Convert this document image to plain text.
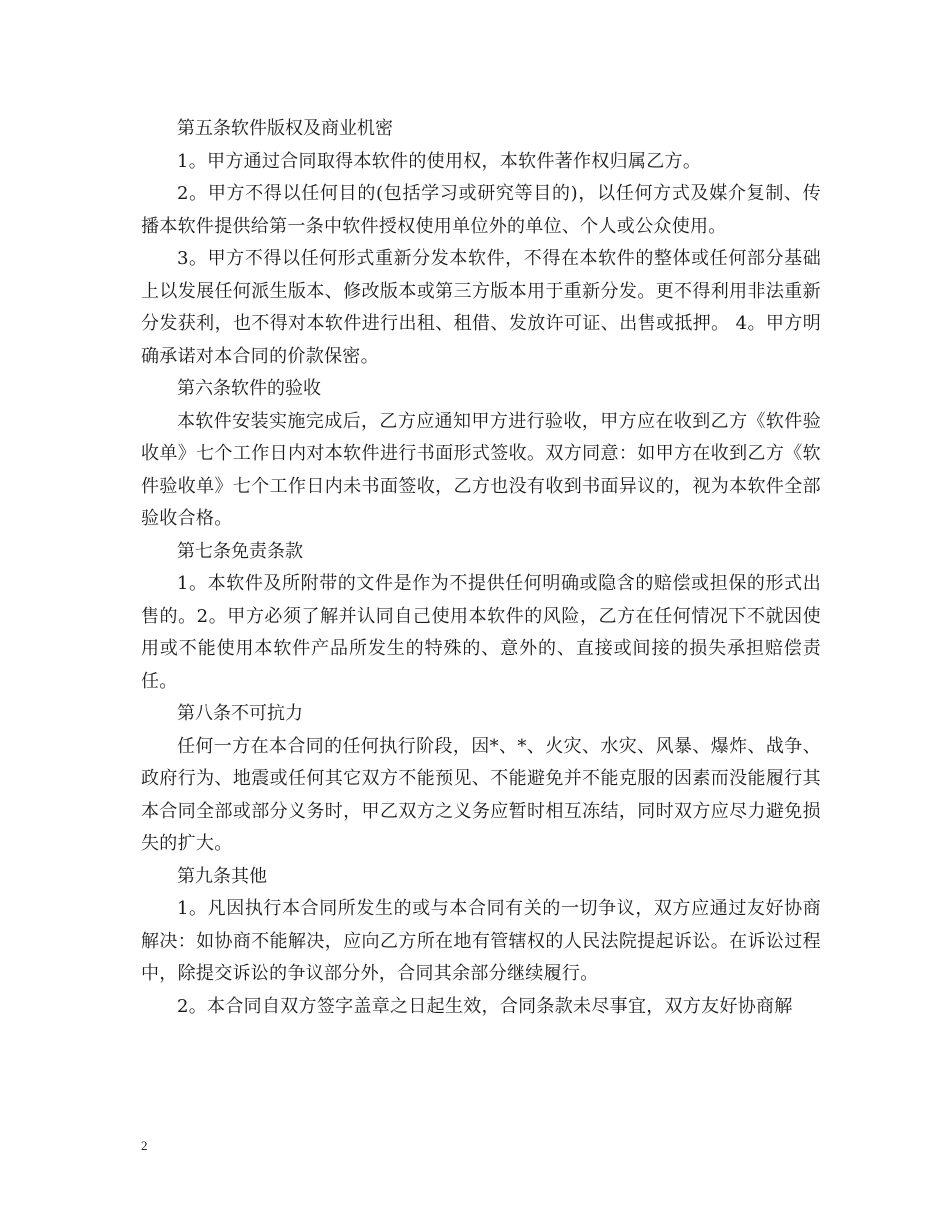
第五条软件版权及商业机密

1。甲方通过合同取得本软件的使用权，本软件著作权归属乙方。

2。甲方不得以任何目的(包括学习或研究等目的)，以任何方式及媒介复制、传播本软件提供给第一条中软件授权使用单位外的单位、个人或公众使用。

3。甲方不得以任何形式重新分发本软件，不得在本软件的整体或任何部分基础上以发展任何派生版本、修改版本或第三方版本用于重新分发。更不得利用非法重新分发获利，也不得对本软件进行出租、租借、发放许可证、出售或抵押。 4。甲方明确承诺对本合同的价款保密。

第六条软件的验收

本软件安装实施完成后，乙方应通知甲方进行验收，甲方应在收到乙方《软件验收单》七个工作日内对本软件进行书面形式签收。双方同意：如甲方在收到乙方《软件验收单》七个工作日内未书面签收，乙方也没有收到书面异议的，视为本软件全部验收合格。

第七条免责条款

1。本软件及所附带的文件是作为不提供任何明确或隐含的赔偿或担保的形式出售的。2。甲方必须了解并认同自己使用本软件的风险，乙方在任何情况下不就因使用或不能使用本软件产品所发生的特殊的、意外的、直接或间接的损失承担赔偿责任。

第八条不可抗力

任何一方在本合同的任何执行阶段，因*、*、火灾、水灾、风暴、爆炸、战争、政府行为、地震或任何其它双方不能预见、不能避免并不能克服的因素而没能履行其本合同全部或部分义务时，甲乙双方之义务应暂时相互冻结，同时双方应尽力避免损失的扩大。

第九条其他

1。凡因执行本合同所发生的或与本合同有关的一切争议，双方应通过友好协商解决：如协商不能解决，应向乙方所在地有管辖权的人民法院提起诉讼。在诉讼过程中，除提交诉讼的争议部分外，合同其余部分继续履行。

2。本合同自双方签字盖章之日起生效，合同条款未尽事宜，双方友好协商解

2
